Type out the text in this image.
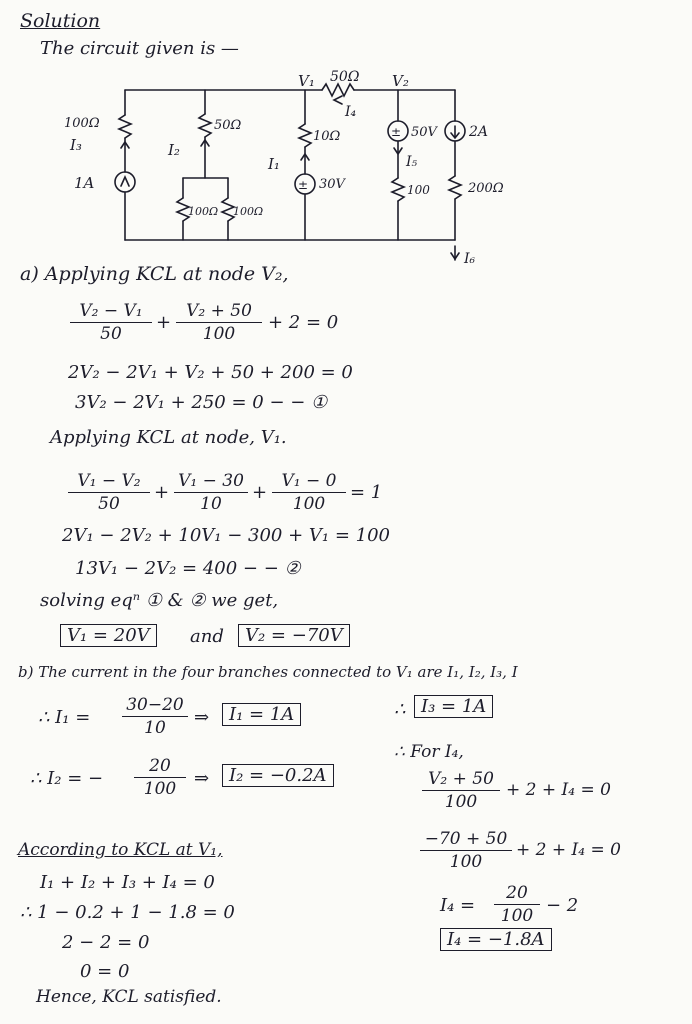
Solution
The circuit given is —
±
±
V₁ 50Ω V₂
I₄
100Ω
I₃
1A
50Ω
I₂
100Ω 100Ω
10Ω
I₁
30V
50V
I₅
100
2A
200Ω
I₆
a) Applying KCL at node V₂,
$\frac{\text{V₂ − V₁}}{50} + \frac{\text{V₂ + 50}}{100} + 2 = 0$
2V₂ − 2V₁ + V₂ + 50 + 200 = 0
3V₂ − 2V₁ + 250 = 0 − − ①
Applying KCL at node, V₁.
$\frac{\text{V₁ − V₂}}{50} + \frac{\text{V₁ − 30}}{10} + \frac{\text{V₁ − 0}}{100} = 1$
2V₁ − 2V₂ + 10V₁ − 300 + V₁ = 100
13V₁ − 2V₂ = 400 − − ②
solving eqⁿ ① & ② we get,
V₁ = 20V	and	V₂ = −70V
b) The current in the four branches connected to V₁ are I₁, I₂, I₃, I
∴ $I_1 = \frac{30-20}{10}$ ⇒	I₁ = 1A	∴ I₃ = 1A
∴ I₂ = − $\frac{20}{100}$ ⇒	I₂ = −0.2A
∴ For I₄,
$\frac{\text{V₂ + 50}}{100} + 2 + I_4 = 0$
$\frac{-70 + 50}{100} + 2 + I_4 = 0$
$I_4 = \frac{20}{100} - 2$
I₄ = −1.8A
According to KCL at V₁,
I₁ + I₂ + I₃ + I₄ = 0
∴ 1 − 0.2 + 1 − 1.8 = 0
2 − 2 = 0
0 = 0
Hence, KCL satisfied.
